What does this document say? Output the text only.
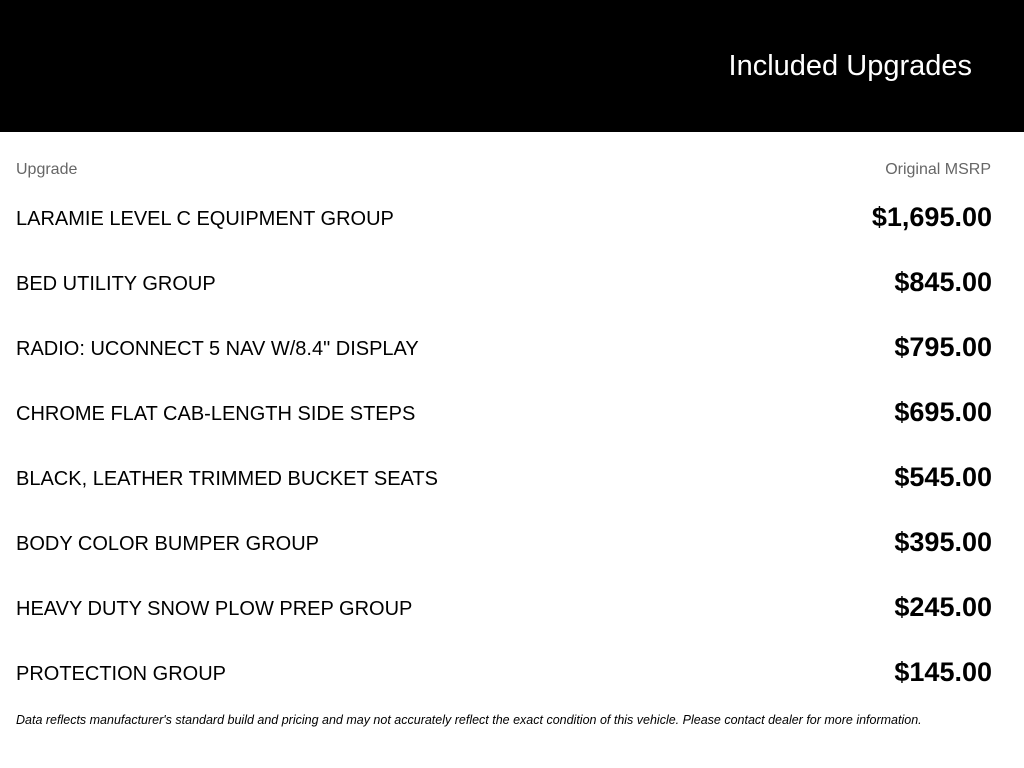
Included Upgrades
Upgrade	Original MSRP
LARAMIE LEVEL C EQUIPMENT GROUP	$1,695.00
BED UTILITY GROUP	$845.00
RADIO: UCONNECT 5 NAV W/8.4" DISPLAY	$795.00
CHROME FLAT CAB-LENGTH SIDE STEPS	$695.00
BLACK, LEATHER TRIMMED BUCKET SEATS	$545.00
BODY COLOR BUMPER GROUP	$395.00
HEAVY DUTY SNOW PLOW PREP GROUP	$245.00
PROTECTION GROUP	$145.00
Data reflects manufacturer's standard build and pricing and may not accurately reflect the exact condition of this vehicle. Please contact dealer for more information.
